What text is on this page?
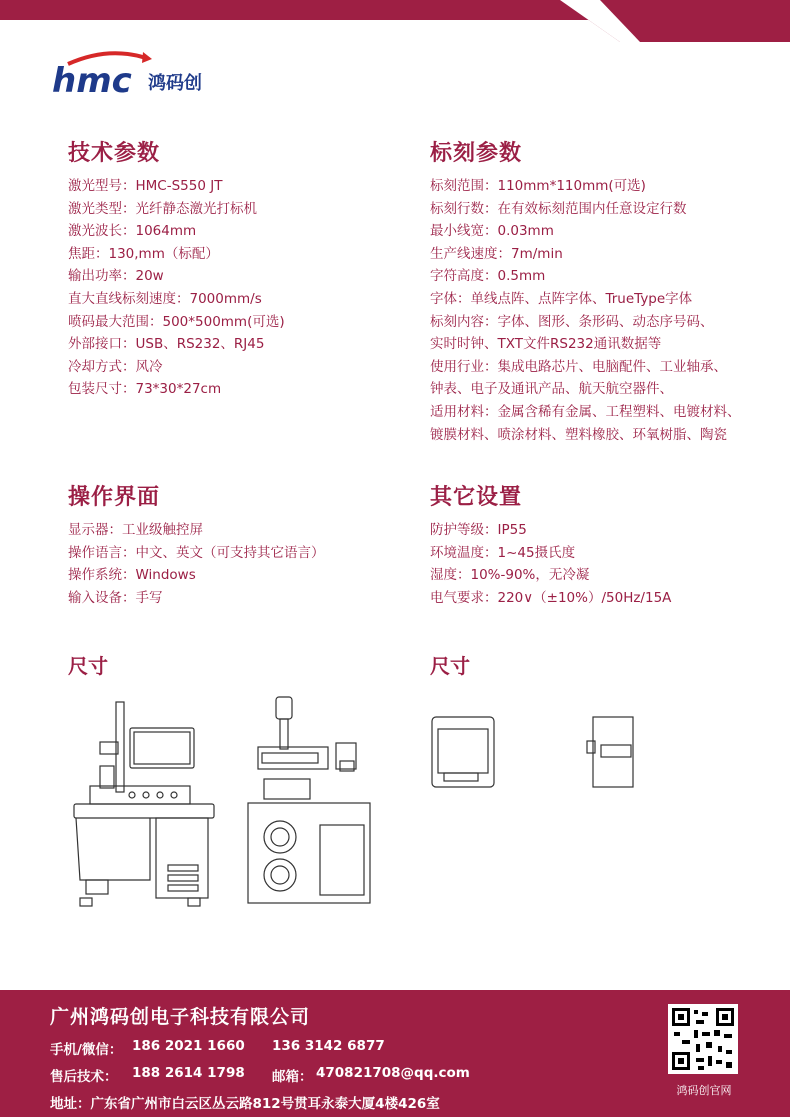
hmc 鸿码创
技术参数
激光型号：HMC-S550 JT
激光类型：光纤静态激光打标机
激光波长：1064mm
焦距：130,mm（标配）
输出功率：20w
直大直线标刻速度：7000mm/s
喷码最大范围：500*500mm(可选)
外部接口：USB、RS232、RJ45
冷却方式：风冷
包装尺寸：73*30*27cm
标刻参数
标刻范围：110mm*110mm(可选)
标刻行数：在有效标刻范围内任意设定行数
最小线宽：0.03mm
生产线速度：7m/min
字符高度：0.5mm
字体：单线点阵、点阵字体、TrueType字体
标刻内容：字体、图形、条形码、动态序号码、
实时时钟、TXT文件RS232通讯数据等
使用行业：集成电路芯片、电脑配件、工业轴承、
钟表、电子及通讯产品、航天航空器件、
适用材料：金属含稀有金属、工程塑料、电镀材料、
镀膜材料、喷涂材料、塑料橡胶、环氧树脂、陶瓷
操作界面
显示器：工业级触控屏
操作语言：中文、英文（可支持其它语言）
操作系统：Windows
输入设备：手写
其它设置
防护等级：IP55
环境温度：1~45摄氏度
湿度：10%-90%，无冷凝
电气要求：220∨（±10%）/50Hz/15A
尺寸	尺寸
广州鸿码创电子科技有限公司
手机/微信： 186 2021 1660 136 3142 6877
售后技术： 188 2614 1798 邮箱： 470821708@qq.com
地址：广东省广州市白云区丛云路812号贯耳永泰大厦4楼426室
鸿码创官网
